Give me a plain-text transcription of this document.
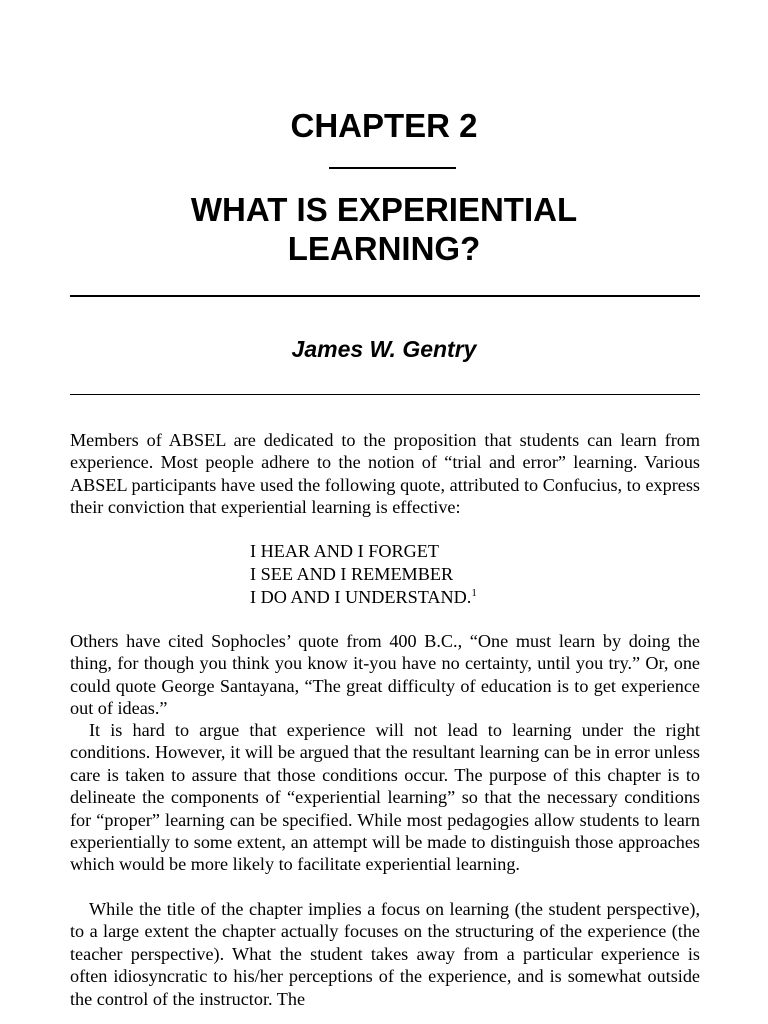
CHAPTER 2
WHAT IS EXPERIENTIAL
LEARNING?

James W. Gentry

Members of ABSEL are dedicated to the proposition that students can learn from experience. Most people adhere to the notion of “trial and error” learning. Various ABSEL participants have used the following quote, attributed to Confucius, to express their conviction that experiential learning is effective:

I HEAR AND I FORGET
I SEE AND I REMEMBER
I DO AND I UNDERSTAND.$^1$

Others have cited Sophocles’ quote from 400 B.C., “One must learn by doing the thing, for though you think you know it-you have no certainty, until you try.” Or, one could quote George Santayana, “The great difficulty of education is to get experience out of ideas.”

It is hard to argue that experience will not lead to learning under the right conditions. However, it will be argued that the resultant learning can be in error unless care is taken to assure that those conditions occur. The purpose of this chapter is to delineate the components of “experiential learning” so that the necessary conditions for “proper” learning can be specified. While most pedagogies allow students to learn experientially to some extent, an attempt will be made to distinguish those approaches which would be more likely to facilitate experiential learning.

While the title of the chapter implies a focus on learning (the student perspective), to a large extent the chapter actually focuses on the structuring of the experience (the teacher perspective). What the student takes away from a particular experience is often idiosyncratic to his/her perceptions of the experience, and is somewhat outside the control of the instructor. The
